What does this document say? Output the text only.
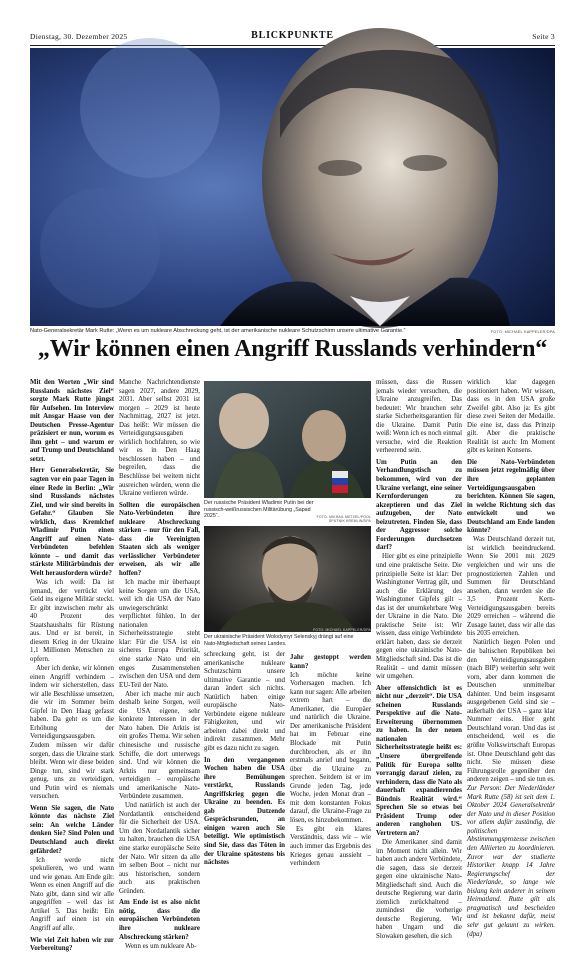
Dienstag, 30. Dezember 2025	BLICKPUNKTE	Seite 3
Nato-Generalsekretär Mark Rutte: „Wenn es um nukleare Abschreckung geht, ist der amerikanische nukleare Schutzschirm unsere ultimative Garantie.“	FOTO: MICHAEL KAPPELER/DPA
„Wir können einen Angriff Russlands verhindern“

Mit den Worten „Wir sind Russlands nächstes Ziel“ sorgte Mark Rutte jüngst für Aufsehen. Im Interview mit Ansgar Haase von der Deutschen Presse-Agentur präzisiert er nun, worum es ihm geht – und warum er auf Trump und Deutschland setzt.

Herr Generalsekretär, Sie sagten vor ein paar Tagen in einer Rede in Berlin: „Wir sind Russlands nächstes Ziel, und wir sind bereits in Gefahr.“ Glauben Sie wirklich, dass Kremlchef Wladimir Putin einen Angriff auf einen Nato-Verbündeten befehlen könnte – und damit das stärkste Militärbündnis der Welt herausfordern würde?

Was ich weiß: Da ist jemand, der verrückt viel Geld ins eigene Militär steckt. Er gibt inzwischen mehr als 40 Prozent des Staatshaushalts für Rüstung aus. Und er ist bereit, in diesem Krieg in der Ukraine 1,1 Millionen Menschen zu opfern.

Aber ich denke, wir können einen Angriff verhindern – indem wir sicherstellen, dass wir alle Beschlüsse umsetzen, die wir im Sommer beim Gipfel in Den Haag gefasst haben. Da geht es um die Erhöhung der Verteidigungsausgaben. Zudem müssen wir dafür sorgen, dass die Ukraine stark bleibt. Wenn wir diese beiden Dinge tun, sind wir stark genug, uns zu verteidigen, und Putin wird es niemals versuchen.

Wenn Sie sagen, die Nato könnte das nächste Ziel sein: An welche Länder denken Sie? Sind Polen und Deutschland auch direkt gefährdet?

Ich werde nicht spekulieren, wo und wann und wie genau. Am Ende gilt: Wenn es einen Angriff auf die Nato gibt, dann sind wir alle angegriffen – weil das ist Artikel 5. Das heißt: Ein Angriff auf einen ist ein Angriff auf alle.

Wie viel Zeit haben wir zur Vorbereitung?

Manche Nachrichtendienste sagen 2027, andere 2029, 2031. Aber selbst 2031 ist morgen – 2029 ist heute Nachmittag, 2027 ist jetzt. Das heißt: Wir müssen die Verteidigungsausgaben wirklich hochfahren, so wie wir es in Den Haag beschlossen haben – und begreifen, dass die Beschlüsse bei weitem nicht ausreichen würden, wenn die Ukraine verlieren würde.

Sollten die europäischen Nato-Verbündeten ihre nukleare Abschreckung stärken – nur für den Fall, dass die Vereinigten Staaten sich als weniger verlässlicher Verbündeter erweisen, als wir alle hoffen?

Ich mache mir überhaupt keine Sorgen um die USA, weil ich die USA der Nato unwiegerschränkt verpflichtet fühlen. In der nationalen Sicherheitsstrategie steht klar: Für die USA ist ein sicheres Europa Priorität, eine starke Nato und ein enges Zusammenstehen zwischen den USA und dem EU-Teil der Nato.

Aber ich mache mir auch deshalb keine Sorgen, weil die USA eigene, sehr konkrete Interessen in der Nato haben. Die Arktis ist ein großes Thema. Wir sehen chinesische und russische Schiffe, die dort unterwegs sind. Und wir können die Arktis nur gemeinsam verteidigen – europäische und amerikanische Nato-Verbündete zusammen.

Und natürlich ist auch der Nordatlantik entscheidend für die Sicherheit der USA. Um den Nordatlantik sicher zu halten, brauchen die USA eine starke europäische Seite der Nato. Wir sitzen da alle im selben Boot – nicht nur aus historischen, sondern auch aus praktischen Gründen.

Am Ende ist es also nicht nötig, dass die europäischen Verbündeten ihre nukleare Abschreckung stärken?

Wenn es um nukleare Ab-

Der russische Präsident Wladimir Putin bei der russisch-weißrussischen Militärübung „Sapad 2025“.	FOTO: MIKHAIL METZEL/POOL SPUTNIK KREMLIN/DPA
Der ukrainische Präsident Wolodymyr Selenskyj drängt auf eine Nato-Mitgliedschaft seines Landes.
FOTO: MICHAEL KAPPELER/DPA

schreckung geht, ist der amerikanische nukleare Schutzschirm unsere ultimative Garantie – und daran ändert sich nichts. Natürlich haben einige europäische Nato-Verbündete eigene nukleare Fähigkeiten, und wir arbeiten dabei direkt und indirekt zusammen. Mehr gibt es dazu nicht zu sagen.

In den vergangenen Wochen haben die USA ihre Bemühungen verstärkt, Russlands Angriffskrieg gegen die Ukraine zu beenden. Es gab Dutzende Gesprächsrunden, an einigen waren auch Sie beteiligt. Wie optimistisch sind Sie, dass das Töten in der Ukraine spätestens bis nächstes

Jahr gestoppt werden kann?

Ich möchte keine Vorhersagen machen. Ich kann nur sagen: Alle arbeiten extrem hart – die Amerikaner, die Europäer und natürlich die Ukraine. Der amerikanische Präsident hat im Februar eine Blockade mit Putin durchbrochen, als er ihn erstmals anrief und begann, über die Ukraine zu sprechen. Seitdem ist er im Grunde jeden Tag, jede Woche, jeden Monat dran – mit dem konstanten Fokus darauf, die Ukraine-Frage zu lösen, es hinzubekommen.

Es gibt ein klares Verständnis, dass wir – wie auch immer das Ergebnis des Krieges genau aussieht – verhindern

müssen, dass die Russen jemals wieder versuchen, die Ukraine anzugreifen. Das bedeutet: Wir brauchen sehr starke Sicherheitsgarantien für die Ukraine. Damit Putin weiß: Wenn ich es noch einmal versuche, wird die Reaktion verheerend sein.

Um Putin an den Verhandlungstisch zu bekommen, wird von der Ukraine verlangt, eine seiner Kernforderungen zu akzeptieren und das Ziel aufzugeben, der Nato beizutreten. Finden Sie, dass der Aggressor solche Forderungen durchsetzen darf?

Hier gibt es eine prinzipielle und eine praktische Seite. Die prinzipielle Seite ist klar: Der Washingtoner Vertrag gilt, und auch die Erklärung des Washingtoner Gipfels gilt – das ist der unumkehrbare Weg der Ukraine in die Nato. Die praktische Seite ist: Wir wissen, dass einige Verbündete erklärt haben, dass sie derzeit gegen eine ukrainische Nato-Mitgliedschaft sind. Das ist die Realität – und damit müssen wir umgehen.

Aber offensichtlich ist es nicht nur „derzeit“. Die USA scheinen Russlands Perspektive auf die Nato-Erweiterung übernommen zu haben. In der neuen nationalen Sicherheitsstrategie heißt es: „Unsere übergreifende Politik für Europa sollte vorrangig darauf zielen, zu verhindern, dass die Nato als dauerhaft expandierendes Bündnis Realität wird.“ Sprechen Sie so etwas bei Präsident Trump oder anderen ranghohen US-Vertretern an?

Die Amerikaner sind damit im Moment nicht allein. Wir haben auch andere Verbündete, die sagen, dass sie derzeit gegen eine ukrainische Nato-Mitgliedschaft sind. Auch die deutsche Regierung war darin ziemlich zurückhaltend – zumindest die vorherige deutsche Regierung. Wir haben Ungarn und die Slowaken gesehen, die sich

wirklich klar dagegen positioniert haben. Wir wissen, dass es in den USA große Zweifel gibt. Also ja: Es gibt diese zwei Seiten der Medaille. Die eine ist, dass das Prinzip gilt. Aber die praktische Realität ist auch: Im Moment gibt es keinen Konsens.

Die Nato-Verbündeten müssen jetzt regelmäßig über ihre geplanten Verteidigungsausgaben berichten. Können Sie sagen, in welche Richtung sich das entwickelt und wo Deutschland am Ende landen könnte?

Was Deutschland derzeit tut, ist wirklich beeindruckend. Wenn Sie 2001 mit 2029 vergleichen und wir uns die prognostizierten Zahlen und Summen für Deutschland ansehen, dann werden sie die 3,5 Prozent Kern-Verteidigungsausgaben bereits 2029 erreichen – während die Zusage lautet, dass wir alle das bis 2035 erreichen.

Natürlich liegen Polen und die baltischen Republiken bei den Verteidigungsausgaben (nach BIP) weiterhin sehr weit vorn, aber dann kommen die Deutschen unmittelbar dahinter. Und beim insgesamt ausgegebenen Geld sind sie – außerhalb der USA – ganz klar Nummer eins. Hier geht Deutschland voran. Und das ist entscheidend, weil es die größte Volkswirtschaft Europas ist. Ohne Deutschland geht das nicht. Sie müssen diese Führungsrolle gegenüber den anderen zeigen – und sie tun es.

Zur Person: Der Niederländer Mark Rutte (58) ist seit dem 1. Oktober 2024 Generalsekretär der Nato und in dieser Position vor allem dafür zuständig, die politischen Abstimmungsprozesse zwischen den Alliierten zu koordinieren. Zuvor war der studierte Historiker knapp 14 Jahre Regierungschef der Niederlande, so lange wie bislang kein anderer in seinem Heimatland. Rutte gilt als pragmatisch und bescheiden und ist bekannt dafür, meist sehr gut gelaunt zu wirken. (dpa)
